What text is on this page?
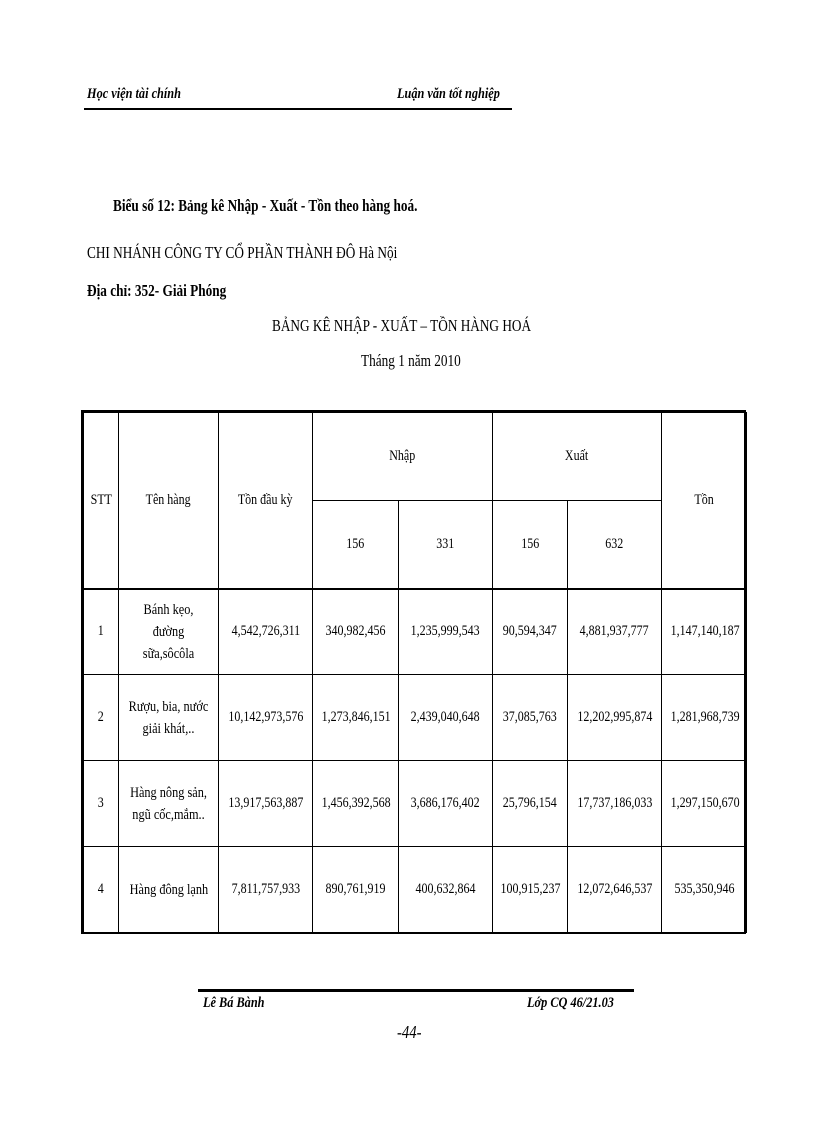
Học viện tài chính	Luận văn tốt nghiệp
Biểu số 12: Bảng kê Nhập - Xuất - Tồn theo hàng hoá.
CHI NHÁNH CÔNG TY CỔ PHẦN THÀNH ĐÔ Hà Nội
Địa chỉ: 352- Giải Phóng
BẢNG KÊ NHẬP - XUẤT – TỒN HÀNG HOÁ
Tháng 1 năm 2010
STT	Tên hàng	Tồn đầu kỳ	Nhập		Xuất		Tồn
			156	331	156	632	
1	Bánh kẹo, đường sữa,sôcôla	4,542,726,311	340,982,456	1,235,999,543	90,594,347	4,881,937,777	1,147,140,187
2	Rượu, bia, nước giải khát,..	10,142,973,576	1,273,846,151	2,439,040,648	37,085,763	12,202,995,874	1,281,968,739
3	Hàng nông sản, ngũ cốc,mắm..	13,917,563,887	1,456,392,568	3,686,176,402	25,796,154	17,737,186,033	1,297,150,670
4	Hàng đông lạnh	7,811,757,933	890,761,919	400,632,864	100,915,237	12,072,646,537	535,350,946
Lê Bá Bành	Lớp CQ 46/21.03
-44-
